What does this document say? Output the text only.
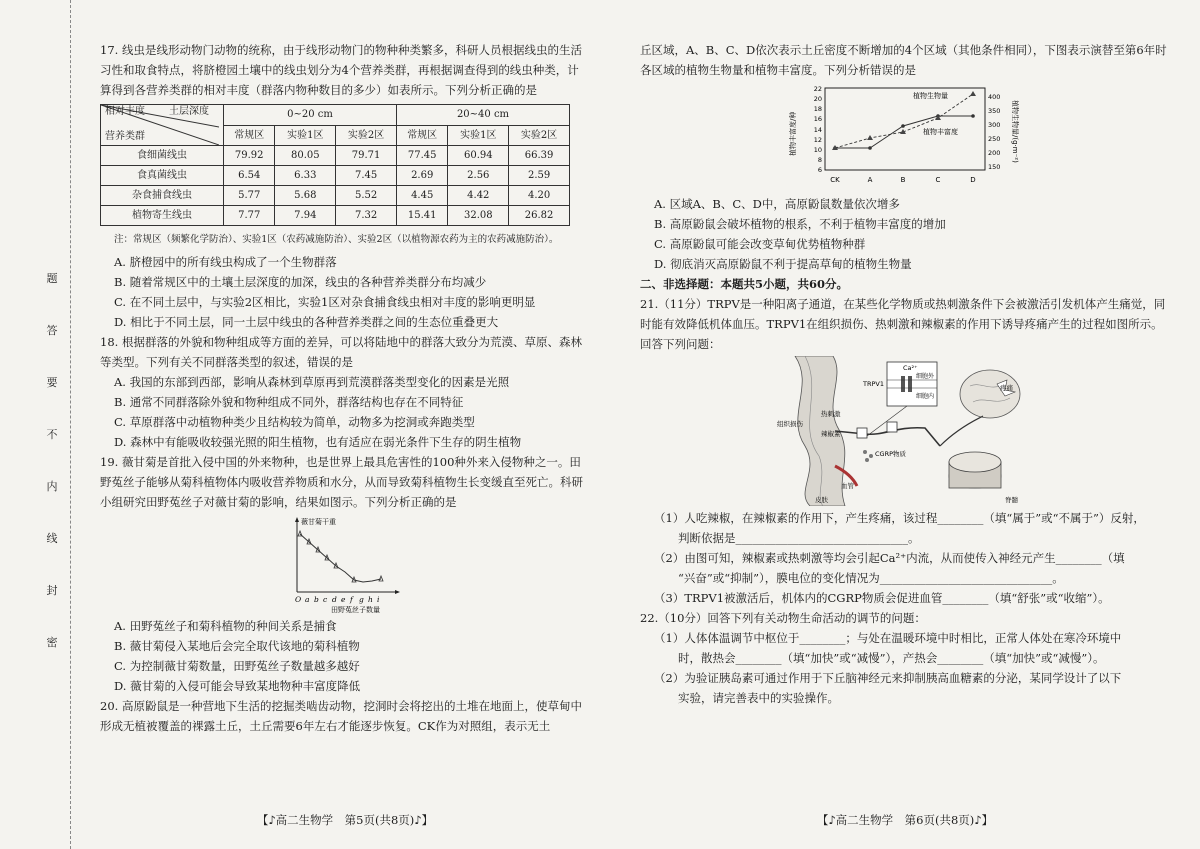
题
答
要
不
内
线
封
密

17. 线虫是线形动物门动物的统称，由于线形动物门的物种种类繁多，科研人员根据线虫的生活习性和取食特点，将脐橙园土壤中的线虫划分为4个营养类群，再根据调查得到的线虫种类，计算得到各营养类群的相对丰度（群落内物种数目的多少）如表所示。下列分析正确的是

相对丰度 土层深度
营养类群	0~20 cm			20~40 cm		
	常规区	实验1区	实验2区	常规区	实验1区	实验2区
食细菌线虫	79.92	80.05	79.71	77.45	60.94	66.39
食真菌线虫	6.54	6.33	7.45	2.69	2.56	2.59
杂食捕食线虫	5.77	5.68	5.52	4.45	4.42	4.20
植物寄生线虫	7.77	7.94	7.32	15.41	32.08	26.82

注：常规区（频繁化学防治）、实验1区（农药减施防治）、实验2区（以植物源农药为主的农药减施防治）。

A. 脐橙园中的所有线虫构成了一个生物群落

B. 随着常规区中的土壤土层深度的加深，线虫的各种营养类群分布均减少

C. 在不同土层中，与实验2区相比，实验1区对杂食捕食线虫相对丰度的影响更明显

D. 相比于不同土层，同一土层中线虫的各种营养类群之间的生态位重叠更大

18. 根据群落的外貌和物种组成等方面的差异，可以将陆地中的群落大致分为荒漠、草原、森林等类型。下列有关不同群落类型的叙述，错误的是

A. 我国的东部到西部，影响从森林到草原再到荒漠群落类型变化的因素是光照

B. 通常不同群落除外貌和物种组成不同外，群落结构也存在不同特征

C. 草原群落中动植物种类少且结构较为简单，动物多为挖洞或奔跑类型

D. 森林中有能吸收较强光照的阳生植物，也有适应在弱光条件下生存的阴生植物

19. 薇甘菊是首批入侵中国的外来物种，也是世界上最具危害性的100种外来入侵物种之一。田野菟丝子能够从菊科植物体内吸收营养物质和水分，从而导致菊科植物生长变缓直至死亡。科研小组研究田野菟丝子对薇甘菊的影响，结果如图示。下列分析正确的是

薇甘菊干重
O a b c d e f g h i
田野菟丝子数量

A. 田野菟丝子和菊科植物的种间关系是捕食

B. 薇甘菊侵入某地后会完全取代该地的菊科植物

C. 为控制薇甘菊数量，田野菟丝子数量越多越好

D. 薇甘菊的入侵可能会导致某地物种丰富度降低

20. 高原鼢鼠是一种营地下生活的挖掘类啮齿动物，挖洞时会将挖出的土堆在地面上，使草甸中形成无植被覆盖的裸露土丘，土丘需要6年左右才能逐步恢复。CK作为对照组，表示无土

【♪高二生物学　第5页(共8页)♪】

丘区域，A、B、C、D依次表示土丘密度不断增加的4个区域（其他条件相同），下图表示演替至第6年时各区域的植物生物量和植物丰富度。下列分析错误的是

植物丰富度/种	植物生物量/(g·m⁻²)
22
20
18
16
14
12
10
8
6
400
350
300
250
200
150
植物生物量
植物丰富度
CK	A	B	C	D

A. 区域A、B、C、D中，高原鼢鼠数量依次增多

B. 高原鼢鼠会破坏植物的根系，不利于植物丰富度的增加

C. 高原鼢鼠可能会改变草甸优势植物种群

D. 彻底消灭高原鼢鼠不利于提高草甸的植物生物量

二、非选择题：本题共5小题，共60分。

21.（11分）TRPV是一种阳离子通道，在某些化学物质或热刺激条件下会被激活引发机体产生痛觉，同时能有效降低机体血压。TRPV1在组织损伤、热刺激和辣椒素的作用下诱导疼痛产生的过程如图所示。回答下列问题：

Ca²⁺
细胞外
细胞内
TRPV1
热刺激
辣椒素
CGRP物质
血管
皮肤
组织损伤
疼痛
脊髓

（1）人吃辣椒，在辣椒素的作用下，产生疼痛，该过程________（填“属于”或“不属于”）反射，

判断依据是______________________________。

（2）由图可知，辣椒素或热刺激等均会引起Ca²⁺内流，从而使传入神经元产生________（填

“兴奋”或“抑制”），膜电位的变化情况为______________________________。

（3）TRPV1被激活后，机体内的CGRP物质会促进血管________（填“舒张”或“收缩”）。

22.（10分）回答下列有关动物生命活动的调节的问题：

（1）人体体温调节中枢位于________；与处在温暖环境中时相比，正常人体处在寒冷环境中

时，散热会________（填“加快”或“减慢”），产热会________（填“加快”或“减慢”）。

（2）为验证胰岛素可通过作用于下丘脑神经元来抑制胰高血糖素的分泌，某同学设计了以下

实验，请完善表中的实验操作。

【♪高二生物学　第6页(共8页)♪】
